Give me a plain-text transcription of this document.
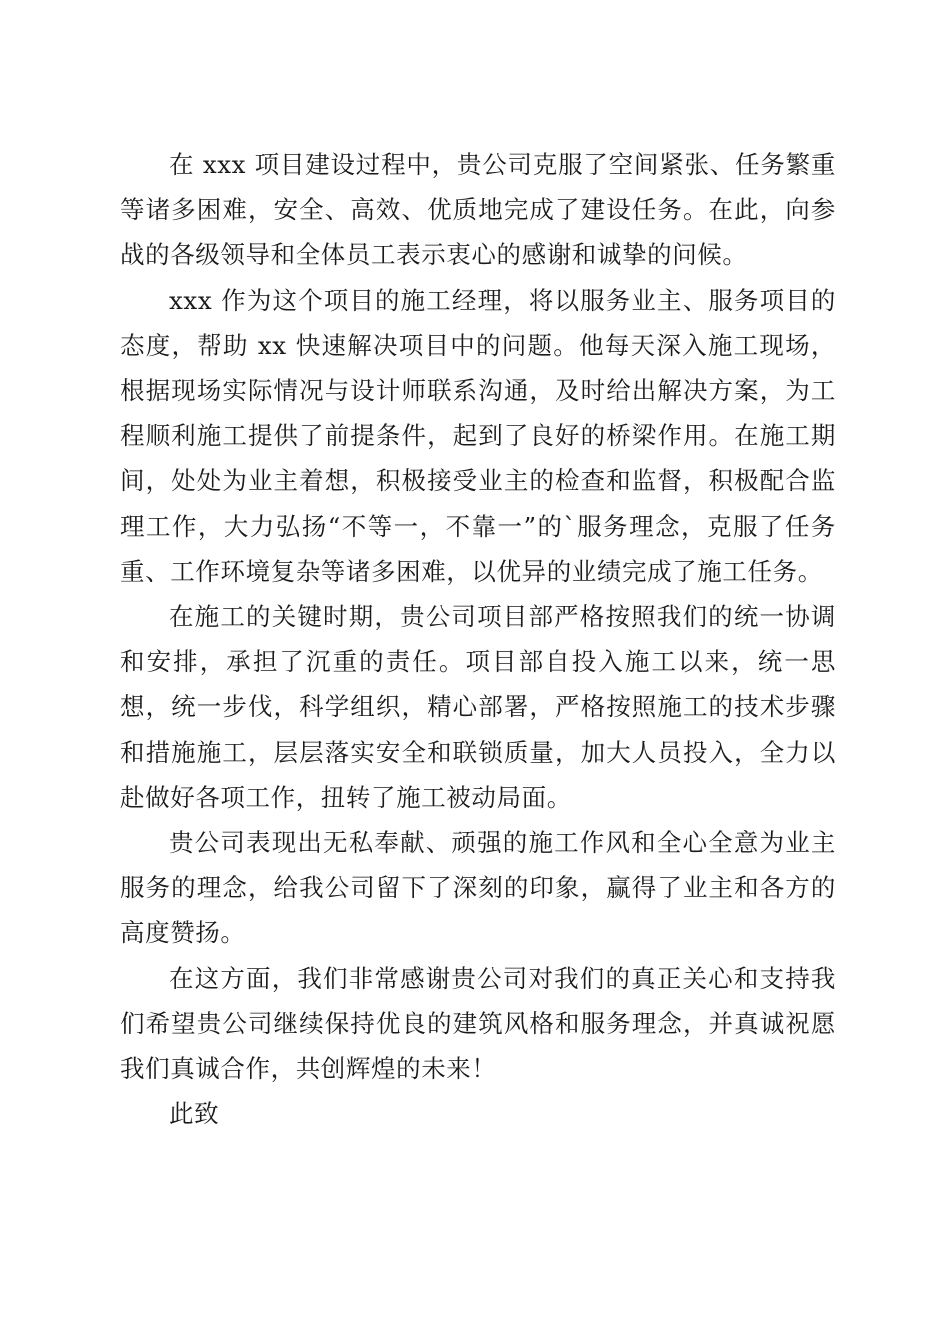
在 xxx 项目建设过程中，贵公司克服了空间紧张、任务繁重等诸多困难，安全、高效、优质地完成了建设任务。在此，向参战的各级领导和全体员工表示衷心的感谢和诚挚的问候。

xxx 作为这个项目的施工经理，将以服务业主、服务项目的态度，帮助 xx 快速解决项目中的问题。他每天深入施工现场，根据现场实际情况与设计师联系沟通，及时给出解决方案，为工程顺利施工提供了前提条件，起到了良好的桥梁作用。在施工期间，处处为业主着想，积极接受业主的检查和监督，积极配合监理工作，大力弘扬“不等一，不靠一”的`服务理念，克服了任务重、工作环境复杂等诸多困难，以优异的业绩完成了施工任务。

在施工的关键时期，贵公司项目部严格按照我们的统一协调和安排，承担了沉重的责任。项目部自投入施工以来，统一思想，统一步伐，科学组织，精心部署，严格按照施工的技术步骤和措施施工，层层落实安全和联锁质量，加大人员投入，全力以赴做好各项工作，扭转了施工被动局面。

贵公司表现出无私奉献、顽强的施工作风和全心全意为业主服务的理念，给我公司留下了深刻的印象，赢得了业主和各方的高度赞扬。

在这方面，我们非常感谢贵公司对我们的真正关心和支持我们希望贵公司继续保持优良的建筑风格和服务理念，并真诚祝愿我们真诚合作，共创辉煌的未来！

此致
